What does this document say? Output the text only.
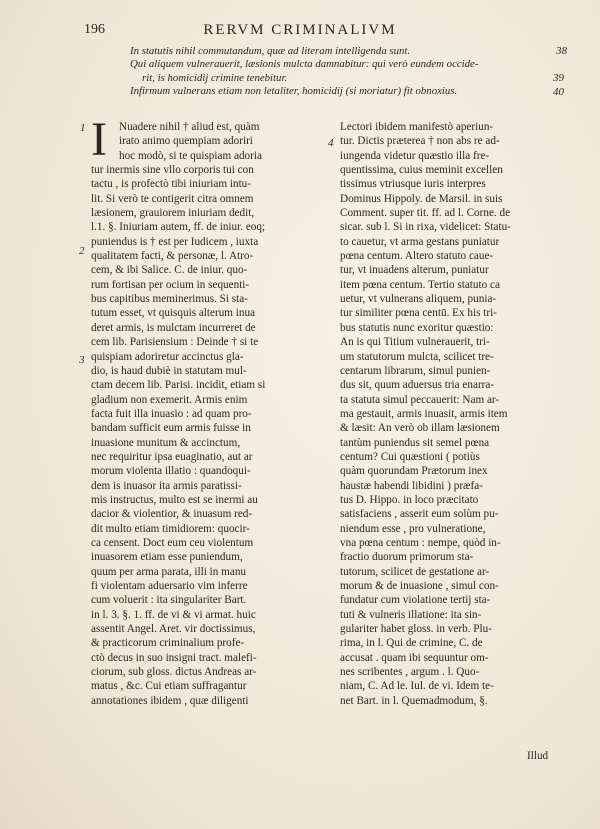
196	RERVM CRIMINALIVM
In statutis nihil commutandum, quæ ad literam intelligenda sunt.
Qui aliquem vulnerauerit, læsionis mulcta damnabitur: qui verò eundem occide-
rit, is homicidij crimine tenebitur.
Infirmum vulnerans etiam non letaliter, homicidij (si moriatur) fit obnoxius.
38
39
40
1
4
2
3
I	Nuadere nihil † aliud est, quàm
irato animo quempiam adoriri
hoc modò, si te quispiam adoria
tur inermis sine vllo corporis tui con
tactu , is profectò tibi iniuriam intu-
lit. Si verò te contigerit citra omnem
læsionem, grauiorem iniuriam dedit,
l.1. §. Iniuriam autem, ff. de iniur. eoq;
puniendus is † est per Iudicem , iuxta
qualitatem facti, & personæ, l. Atro-
cem, & ibi Salice. C. de iniur. quo-
rum fortisan per ocium in sequenti-
bus capitibus meminerimus. Si sta-
tutum esset, vt quisquis alterum inua
deret armis, is mulctam incurreret de
cem lib. Parisiensium : Deinde † si te
quispiam adoriretur accinctus gla-
dio, is haud dubiè in statutam mul-
ctam decem lib. Parisi. incidit, etiam si
gladium non exemerit. Armis enim
facta fuit illa inuasio : ad quam pro-
bandam sufficit eum armis fuisse in
inuasione munitum & accinctum,
nec requiritur ipsa euaginatio, aut ar
morum violenta illatio : quandoqui-
dem is inuasor ita armis paratissi-
mis instructus, multo est se inermi au
dacior & violentior, & inuasum red-
dit multo etiam timidiorem: quocir-
ca censent. Doct eum ceu violentum
inuasorem etiam esse puniendum,
quum per arma parata, illi in manu
fi violentam aduersario vim inferre
cum voluerit : ita singulariter Bart.
in l. 3. §. 1. ff. de vi & vi armat. huic
assentit Angel. Aret. vir doctissimus,
& practicorum criminalium profe-
ctò decus in suo insigni tract. malefi-
ciorum, sub gloss. dictus Andreas ar-
matus , &c. Cui etiam suffragantur
annotationes ibidem , quæ diligenti
Lectori ibidem manifestò aperiun-
tur. Dictis præterea † non abs re ad-
iungenda videtur quæstio illa fre-
quentissima, cuius meminit excellen
tissimus vtriusque iuris interpres
Dominus Hippoly. de Marsil. in suis
Comment. super tit. ff. ad l. Corne. de
sicar. sub l. Si in rixa, videlicet: Statu-
to cauetur, vt arma gestans puniatur
pœna centum. Altero statuto caue-
tur, vt inuadens alterum, puniatur
item pœna centum. Tertio statuto ca
uetur, vt vulnerans aliquem, punia-
tur similiter pœna centū. Ex his tri-
bus statutis nunc exoritur quæstio:
An is qui Titium vulnerauerit, tri-
um statutorum mulcta, scilicet tre-
centarum librarum, simul punien-
dus sit, quum aduersus tria enarra-
ta statuta simul peccauerit: Nam ar-
ma gestauit, armis inuasit, armis item
& læsit: An verò ob illam læsionem
tantùm puniendus sit semel pœna
centum? Cui quæstioni ( potiùs
quàm quorundam Prætorum inex
haustæ habendi libidini ) præfa-
tus D. Hippo. in loco præcitato
satisfaciens , asserit eum solùm pu-
niendum esse , pro vulneratione,
vna pœna centum : nempe, quòd in-
fractio duorum primorum sta-
tutorum, scilicet de gestatione ar-
morum & de inuasione , simul con-
fundatur cum violatione tertij sta-
tuti & vulneris illatione: ita sin-
gulariter habet gloss. in verb. Plu-
rima, in l. Qui de crimine, C. de
accusat . quam ibi sequuntur om-
nes scribentes , argum . l. Quo-
niam, C. Ad le. Iul. de vi. Idem te-
net Bart. in l. Quemadmodum, §.
Illud
